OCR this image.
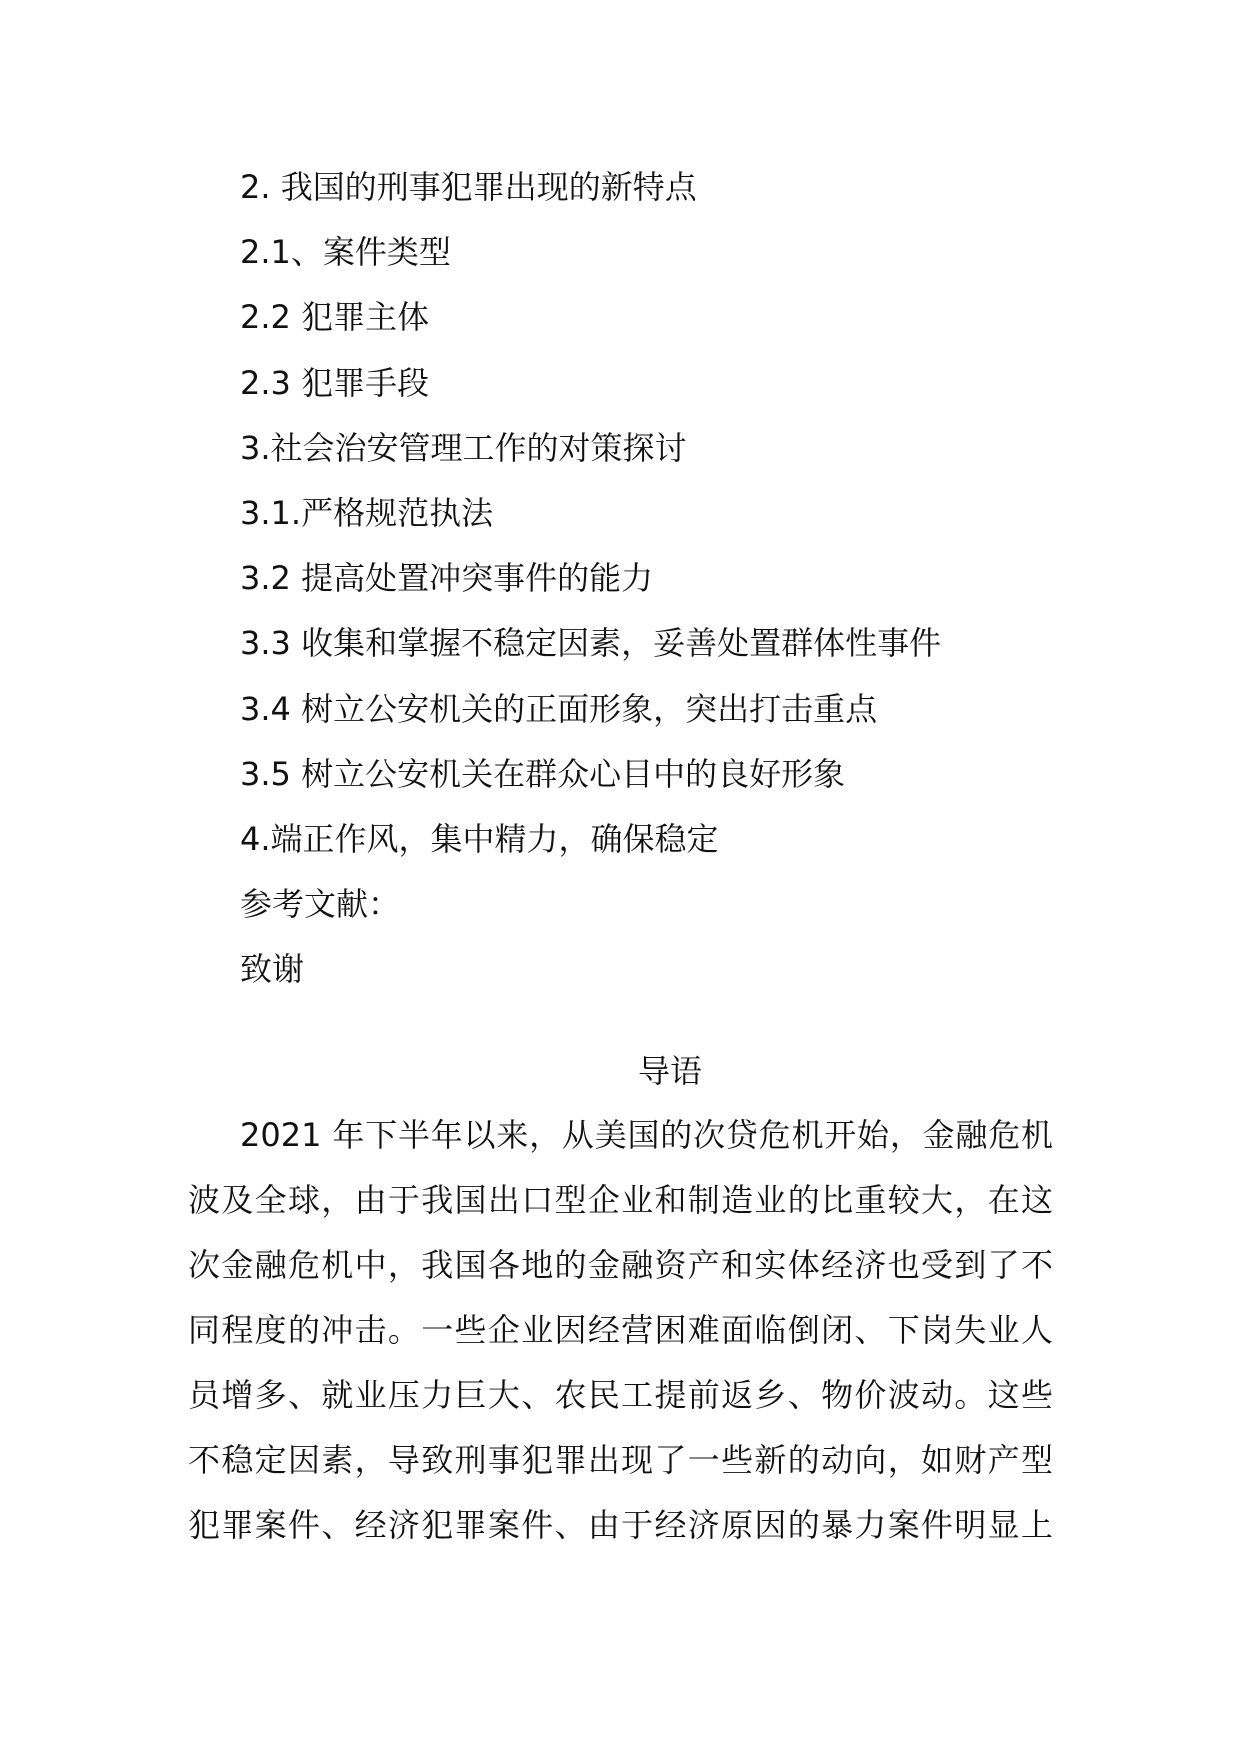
2. 我国的刑事犯罪出现的新特点
2.1、案件类型
2.2 犯罪主体
2.3 犯罪手段
3.社会治安管理工作的对策探讨
3.1.严格规范执法
3.2 提高处置冲突事件的能力
3.3 收集和掌握不稳定因素，妥善处置群体性事件
3.4 树立公安机关的正面形象，突出打击重点
3.5 树立公安机关在群众心目中的良好形象
4.端正作风，集中精力，确保稳定
参考文献：
致谢
导语

2021 年下半年以来，从美国的次贷危机开始，金融危机

波及全球，由于我国出口型企业和制造业的比重较大，在这

次金融危机中，我国各地的金融资产和实体经济也受到了不

同程度的冲击。一些企业因经营困难面临倒闭、下岗失业人

员增多、就业压力巨大、农民工提前返乡、物价波动。这些

不稳定因素，导致刑事犯罪出现了一些新的动向，如财产型

犯罪案件、经济犯罪案件、由于经济原因的暴力案件明显上
